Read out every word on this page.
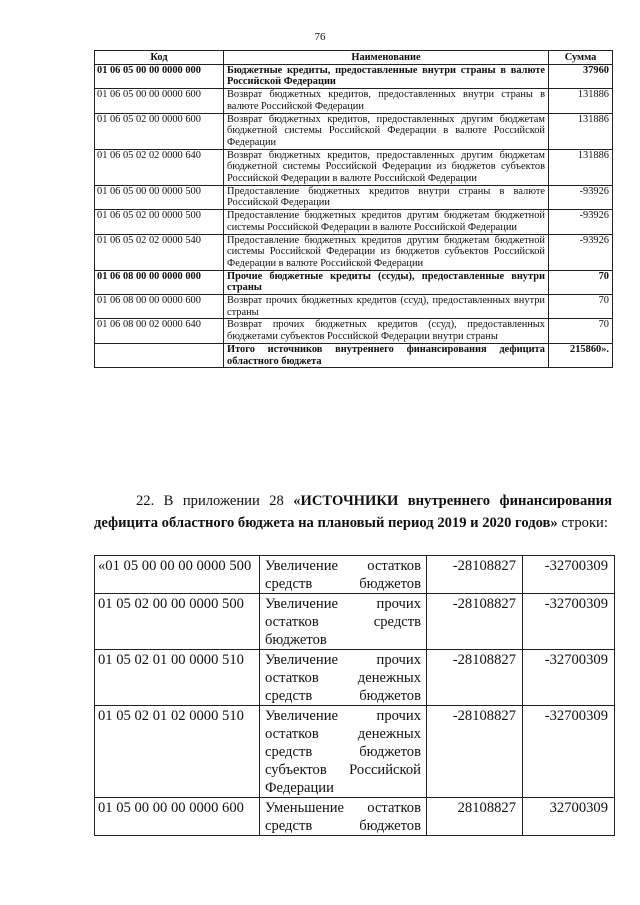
76
Код	Наименование	Сумма
01 06 05 00 00 0000 000	Бюджетные кредиты, предоставленные внутри страны в валюте Российской Федерации	37960
01 06 05 00 00 0000 600	Возврат бюджетных кредитов, предоставленных внутри страны в валюте Российской Федерации	131886
01 06 05 02 00 0000 600	Возврат бюджетных кредитов, предоставленных другим бюджетам бюджетной системы Российской Федерации в валюте Российской Федерации	131886
01 06 05 02 02 0000 640	Возврат бюджетных кредитов, предоставленных другим бюджетам бюджетной системы Российской Федерации из бюджетов субъектов Российской Федерации в валюте Российской Федерации	131886
01 06 05 00 00 0000 500	Предоставление бюджетных кредитов внутри страны в валюте Российской Федерации	-93926
01 06 05 02 00 0000 500	Предоставление бюджетных кредитов другим бюджетам бюджетной системы Российской Федерации в валюте Российской Федерации	-93926
01 06 05 02 02 0000 540	Предоставление бюджетных кредитов другим бюджетам бюджетной системы Российской Федерации из бюджетов субъектов Российской Федерации в валюте Российской Федерации	-93926
01 06 08 00 00 0000 000	Прочие бюджетные кредиты (ссуды), предоставленные внутри страны	70
01 06 08 00 00 0000 600	Возврат прочих бюджетных кредитов (ссуд), предоставленных внутри страны	70
01 06 08 00 02 0000 640	Возврат прочих бюджетных кредитов (ссуд), предоставленных бюджетами субъектов Российской Федерации внутри страны	70
	Итого источников внутреннего финансирования дефицита областного бюджета	215860».

22. В приложении 28 «ИСТОЧНИКИ внутреннего финансирования дефицита областного бюджета на плановый период 2019 и 2020 годов» строки:

«01 05 00 00 00 0000 500	Увеличение остатков средств бюджетов	-28108827	-32700309
01 05 02 00 00 0000 500	Увеличение прочих остатков средств бюджетов	-28108827	-32700309
01 05 02 01 00 0000 510	Увеличение прочих остатков денежных средств бюджетов	-28108827	-32700309
01 05 02 01 02 0000 510	Увеличение прочих остатков денежных средств бюджетов субъектов Российской Федерации	-28108827	-32700309
01 05 00 00 00 0000 600	Уменьшение остатков средств бюджетов	28108827	32700309
